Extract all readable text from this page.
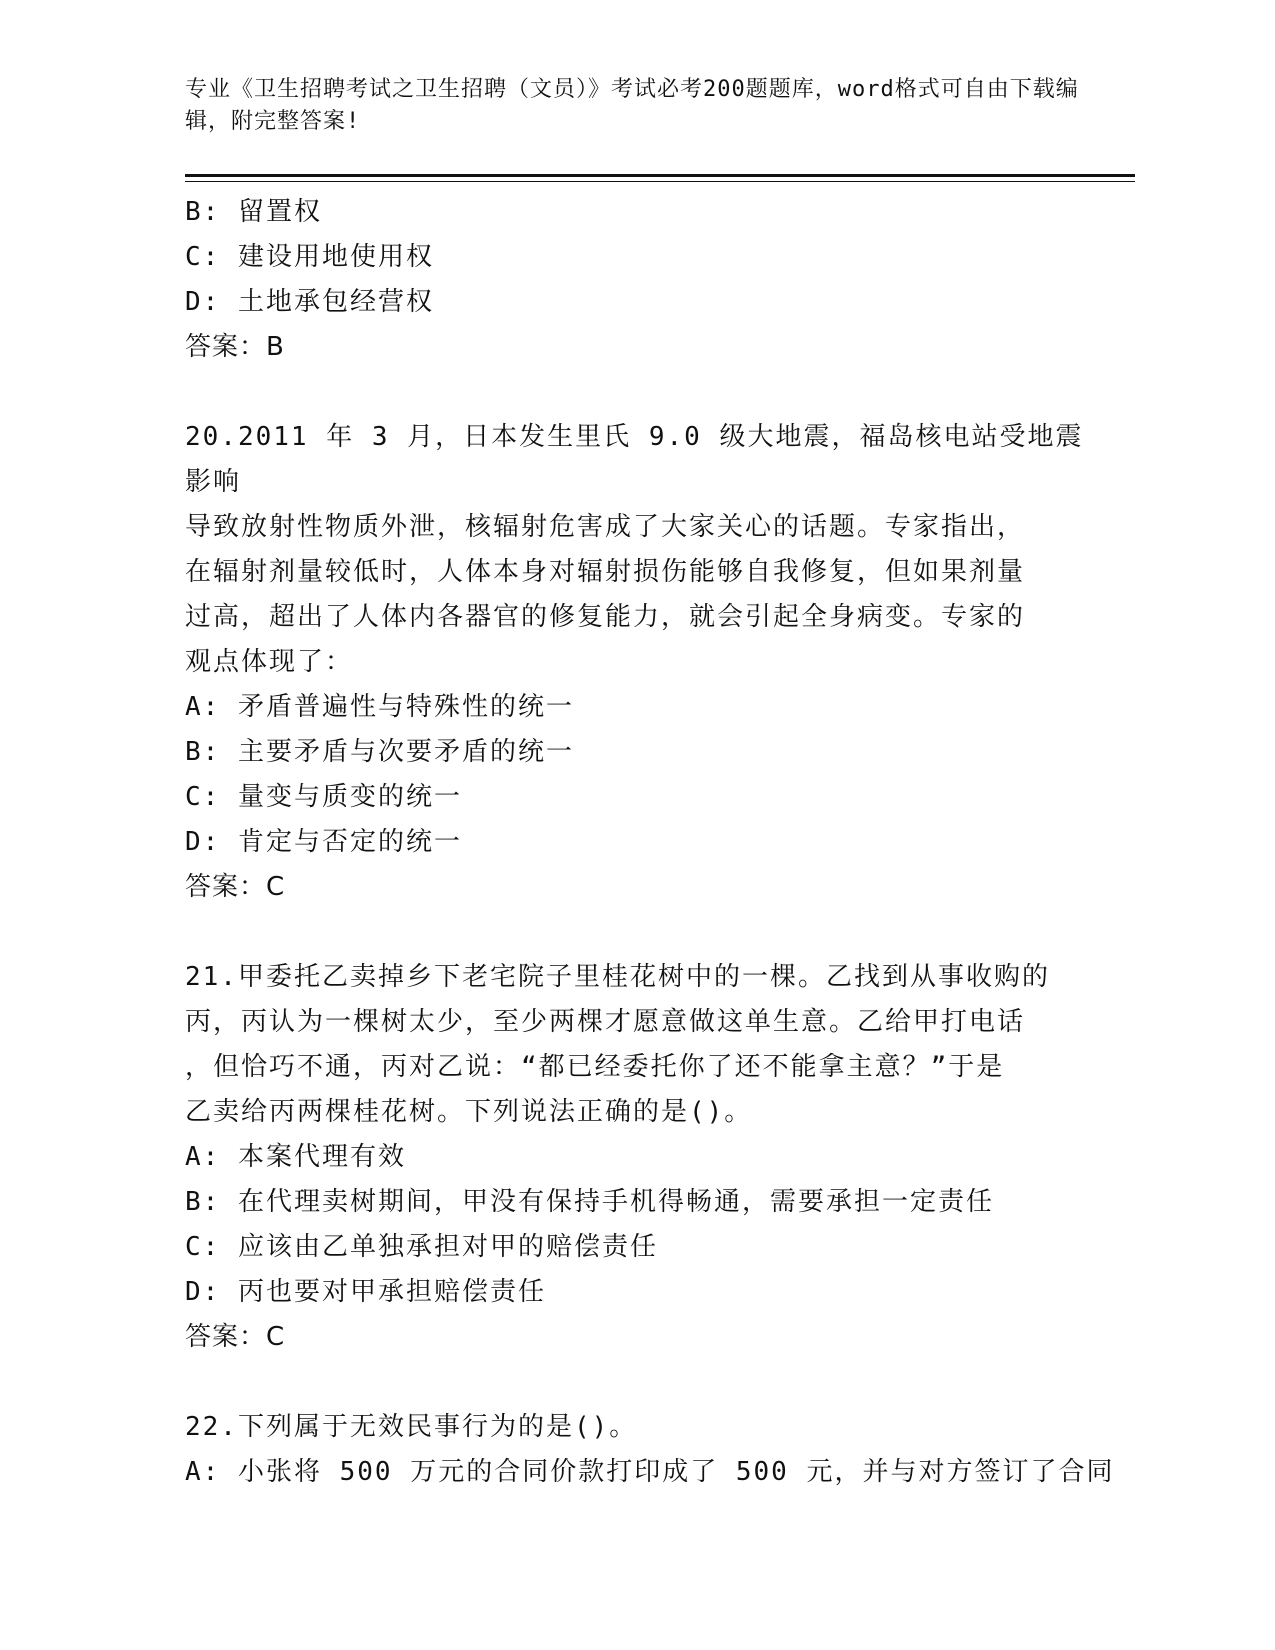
专业《卫生招聘考试之卫生招聘（文员）》考试必考200题题库，word格式可自由下载编辑，附完整答案!
B: 留置权
C: 建设用地使用权
D: 土地承包经营权
答案：B
20.2011 年 3 月，日本发生里氏 9.0 级大地震，福岛核电站受地震影响
导致放射性物质外泄，核辐射危害成了大家关心的话题。专家指出，
在辐射剂量较低时，人体本身对辐射损伤能够自我修复，但如果剂量
过高，超出了人体内各器官的修复能力，就会引起全身病变。专家的
观点体现了：
A: 矛盾普遍性与特殊性的统一
B: 主要矛盾与次要矛盾的统一
C: 量变与质变的统一
D: 肯定与否定的统一
答案：C
21.甲委托乙卖掉乡下老宅院子里桂花树中的一棵。乙找到从事收购的
丙，丙认为一棵树太少，至少两棵才愿意做这单生意。乙给甲打电话
，但恰巧不通，丙对乙说：“都已经委托你了还不能拿主意？”于是
乙卖给丙两棵桂花树。下列说法正确的是()。
A: 本案代理有效
B: 在代理卖树期间，甲没有保持手机得畅通，需要承担一定责任
C: 应该由乙单独承担对甲的赔偿责任
D: 丙也要对甲承担赔偿责任
答案：C
22.下列属于无效民事行为的是()。
A: 小张将 500 万元的合同价款打印成了 500 元，并与对方签订了合同
